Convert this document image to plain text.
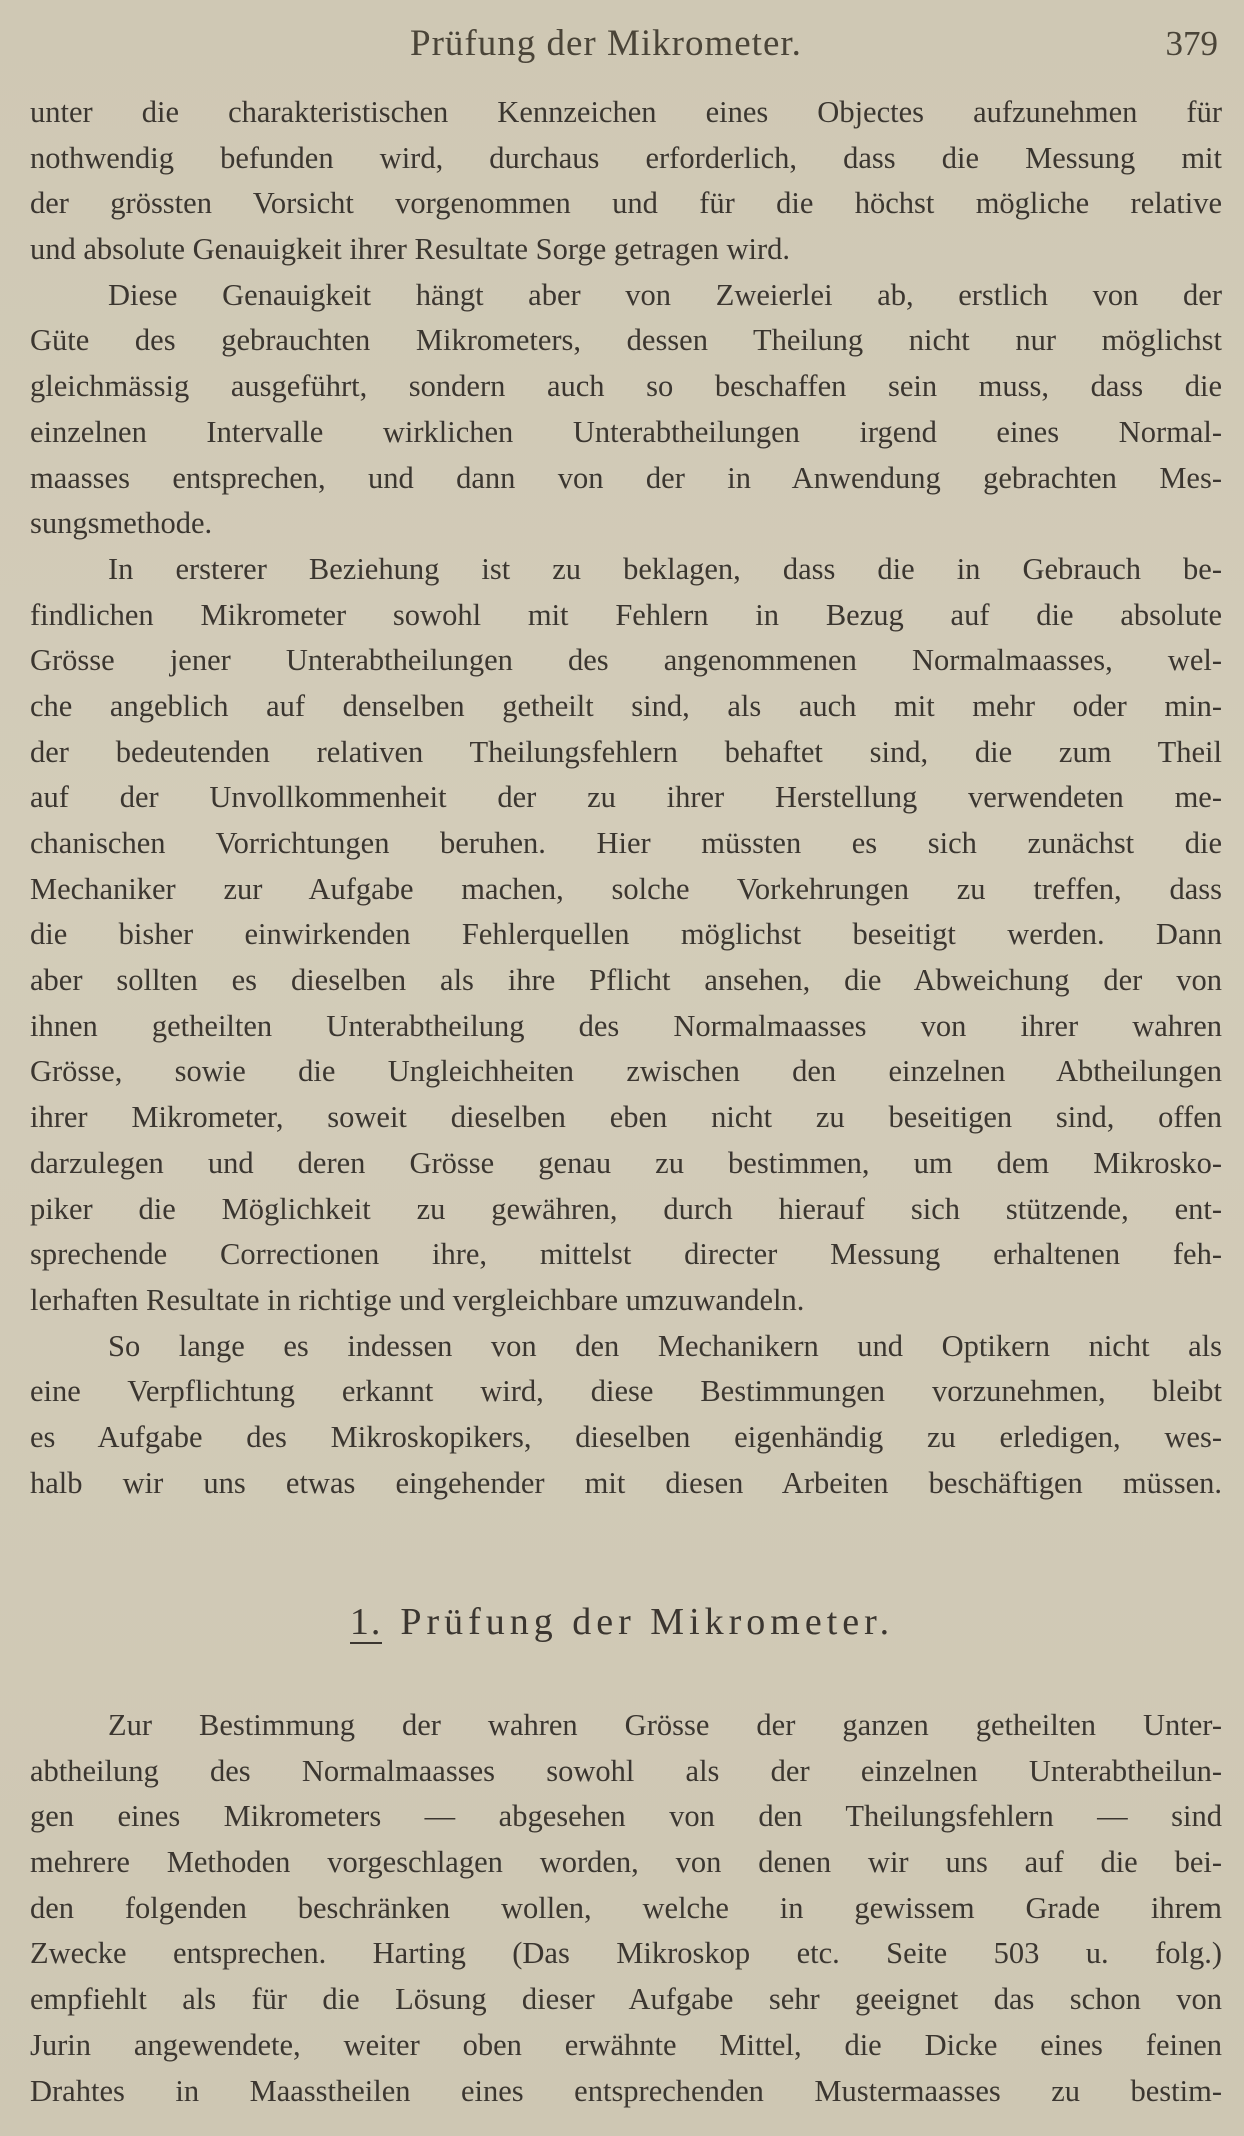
Prüfung der Mikrometer.	379
unter die charakteristischen Kennzeichen eines Objectes aufzunehmen für
nothwendig befunden wird, durchaus erforderlich, dass die Messung mit
der grössten Vorsicht vorgenommen und für die höchst mögliche relative
und absolute Genauigkeit ihrer Resultate Sorge getragen wird.
Diese Genauigkeit hängt aber von Zweierlei ab, erstlich von der
Güte des gebrauchten Mikrometers, dessen Theilung nicht nur möglichst
gleichmässig ausgeführt, sondern auch so beschaffen sein muss, dass die
einzelnen Intervalle wirklichen Unterabtheilungen irgend eines Normal-
maasses entsprechen, und dann von der in Anwendung gebrachten Mes-
sungsmethode.
In ersterer Beziehung ist zu beklagen, dass die in Gebrauch be-
findlichen Mikrometer sowohl mit Fehlern in Bezug auf die absolute
Grösse jener Unterabtheilungen des angenommenen Normalmaasses, wel-
che angeblich auf denselben getheilt sind, als auch mit mehr oder min-
der bedeutenden relativen Theilungsfehlern behaftet sind, die zum Theil
auf der Unvollkommenheit der zu ihrer Herstellung verwendeten me-
chanischen Vorrichtungen beruhen. Hier müssten es sich zunächst die
Mechaniker zur Aufgabe machen, solche Vorkehrungen zu treffen, dass
die bisher einwirkenden Fehlerquellen möglichst beseitigt werden. Dann
aber sollten es dieselben als ihre Pflicht ansehen, die Abweichung der von
ihnen getheilten Unterabtheilung des Normalmaasses von ihrer wahren
Grösse, sowie die Ungleichheiten zwischen den einzelnen Abtheilungen
ihrer Mikrometer, soweit dieselben eben nicht zu beseitigen sind, offen
darzulegen und deren Grösse genau zu bestimmen, um dem Mikrosko-
piker die Möglichkeit zu gewähren, durch hierauf sich stützende, ent-
sprechende Correctionen ihre, mittelst directer Messung erhaltenen feh-
lerhaften Resultate in richtige und vergleichbare umzuwandeln.
So lange es indessen von den Mechanikern und Optikern nicht als
eine Verpflichtung erkannt wird, diese Bestimmungen vorzunehmen, bleibt
es Aufgabe des Mikroskopikers, dieselben eigenhändig zu erledigen, wes-
halb wir uns etwas eingehender mit diesen Arbeiten beschäftigen müssen.
1. Prüfung der Mikrometer.
Zur Bestimmung der wahren Grösse der ganzen getheilten Unter-
abtheilung des Normalmaasses sowohl als der einzelnen Unterabtheilun-
gen eines Mikrometers — abgesehen von den Theilungsfehlern — sind
mehrere Methoden vorgeschlagen worden, von denen wir uns auf die bei-
den folgenden beschränken wollen, welche in gewissem Grade ihrem
Zwecke entsprechen. Harting (Das Mikroskop etc. Seite 503 u. folg.)
empfiehlt als für die Lösung dieser Aufgabe sehr geeignet das schon von
Jurin angewendete, weiter oben erwähnte Mittel, die Dicke eines feinen
Drahtes in Maasstheilen eines entsprechenden Mustermaasses zu bestim-
